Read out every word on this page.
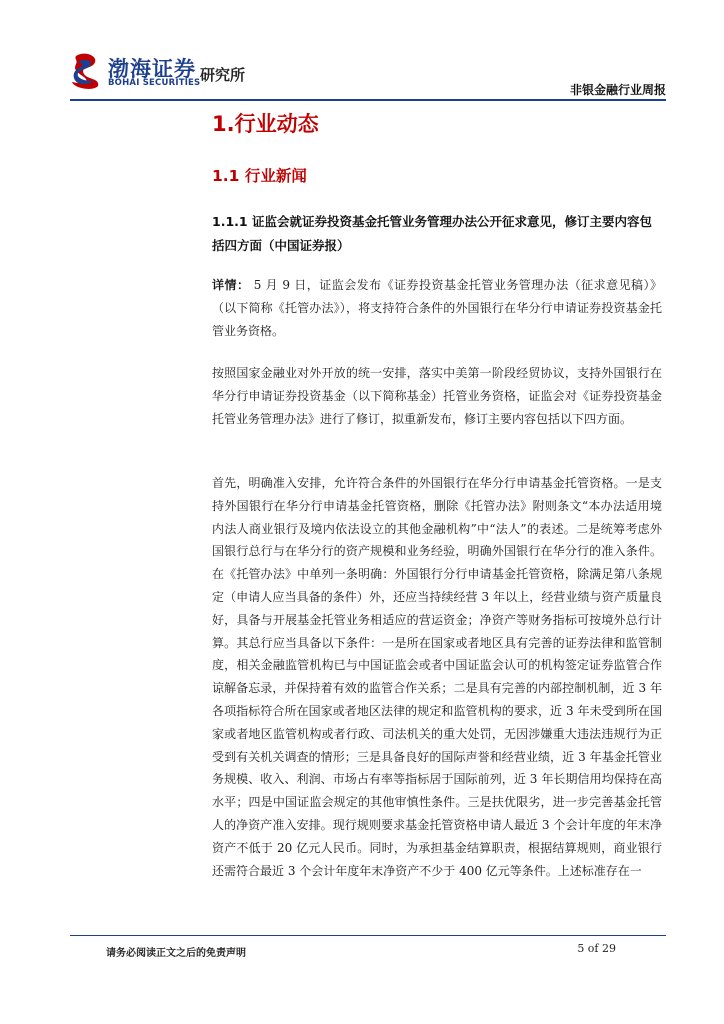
渤海证券
BOHAI SECURITIES 研究所
非银金融行业周报
1.行业动态
1.1 行业新闻
1.1.1 证监会就证券投资基金托管业务管理办法公开征求意见，修订主要内容包括四方面（中国证券报）
详情： 5 月 9 日，证监会发布《证券投资基金托管业务管理办法（征求意见稿）》（以下简称《托管办法》），将支持符合条件的外国银行在华分行申请证券投资基金托管业务资格。
按照国家金融业对外开放的统一安排，落实中美第一阶段经贸协议，支持外国银行在华分行申请证券投资基金（以下简称基金）托管业务资格，证监会对《证券投资基金托管业务管理办法》进行了修订，拟重新发布，修订主要内容包括以下四方面。
首先，明确准入安排，允许符合条件的外国银行在华分行申请基金托管资格。一是支持外国银行在华分行申请基金托管资格，删除《托管办法》附则条文“本办法适用境内法人商业银行及境内依法设立的其他金融机构”中“法人”的表述。二是统筹考虑外国银行总行与在华分行的资产规模和业务经验，明确外国银行在华分行的准入条件。在《托管办法》中单列一条明确：外国银行分行申请基金托管资格，除满足第八条规定（申请人应当具备的条件）外，还应当持续经营 3 年以上，经营业绩与资产质量良好，具备与开展基金托管业务相适应的营运资金；净资产等财务指标可按境外总行计算。其总行应当具备以下条件：一是所在国家或者地区具有完善的证券法律和监管制度，相关金融监管机构已与中国证监会或者中国证监会认可的机构签定证券监管合作谅解备忘录，并保持着有效的监管合作关系；二是具有完善的内部控制机制，近 3 年各项指标符合所在国家或者地区法律的规定和监管机构的要求，近 3 年未受到所在国家或者地区监管机构或者行政、司法机关的重大处罚，无因涉嫌重大违法违规行为正受到有关机关调查的情形；三是具备良好的国际声誉和经营业绩，近 3 年基金托管业务规模、收入、利润、市场占有率等指标居于国际前列，近 3 年长期信用均保持在高水平；四是中国证监会规定的其他审慎性条件。三是扶优限劣，进一步完善基金托管人的净资产准入安排。现行规则要求基金托管资格申请人最近 3 个会计年度的年末净资产不低于 20 亿元人民币。同时，为承担基金结算职责，根据结算规则，商业银行还需符合最近 3 个会计年度年末净资产不少于 400 亿元等条件。上述标准存在一
请务必阅读正文之后的免责声明	5 of 29
